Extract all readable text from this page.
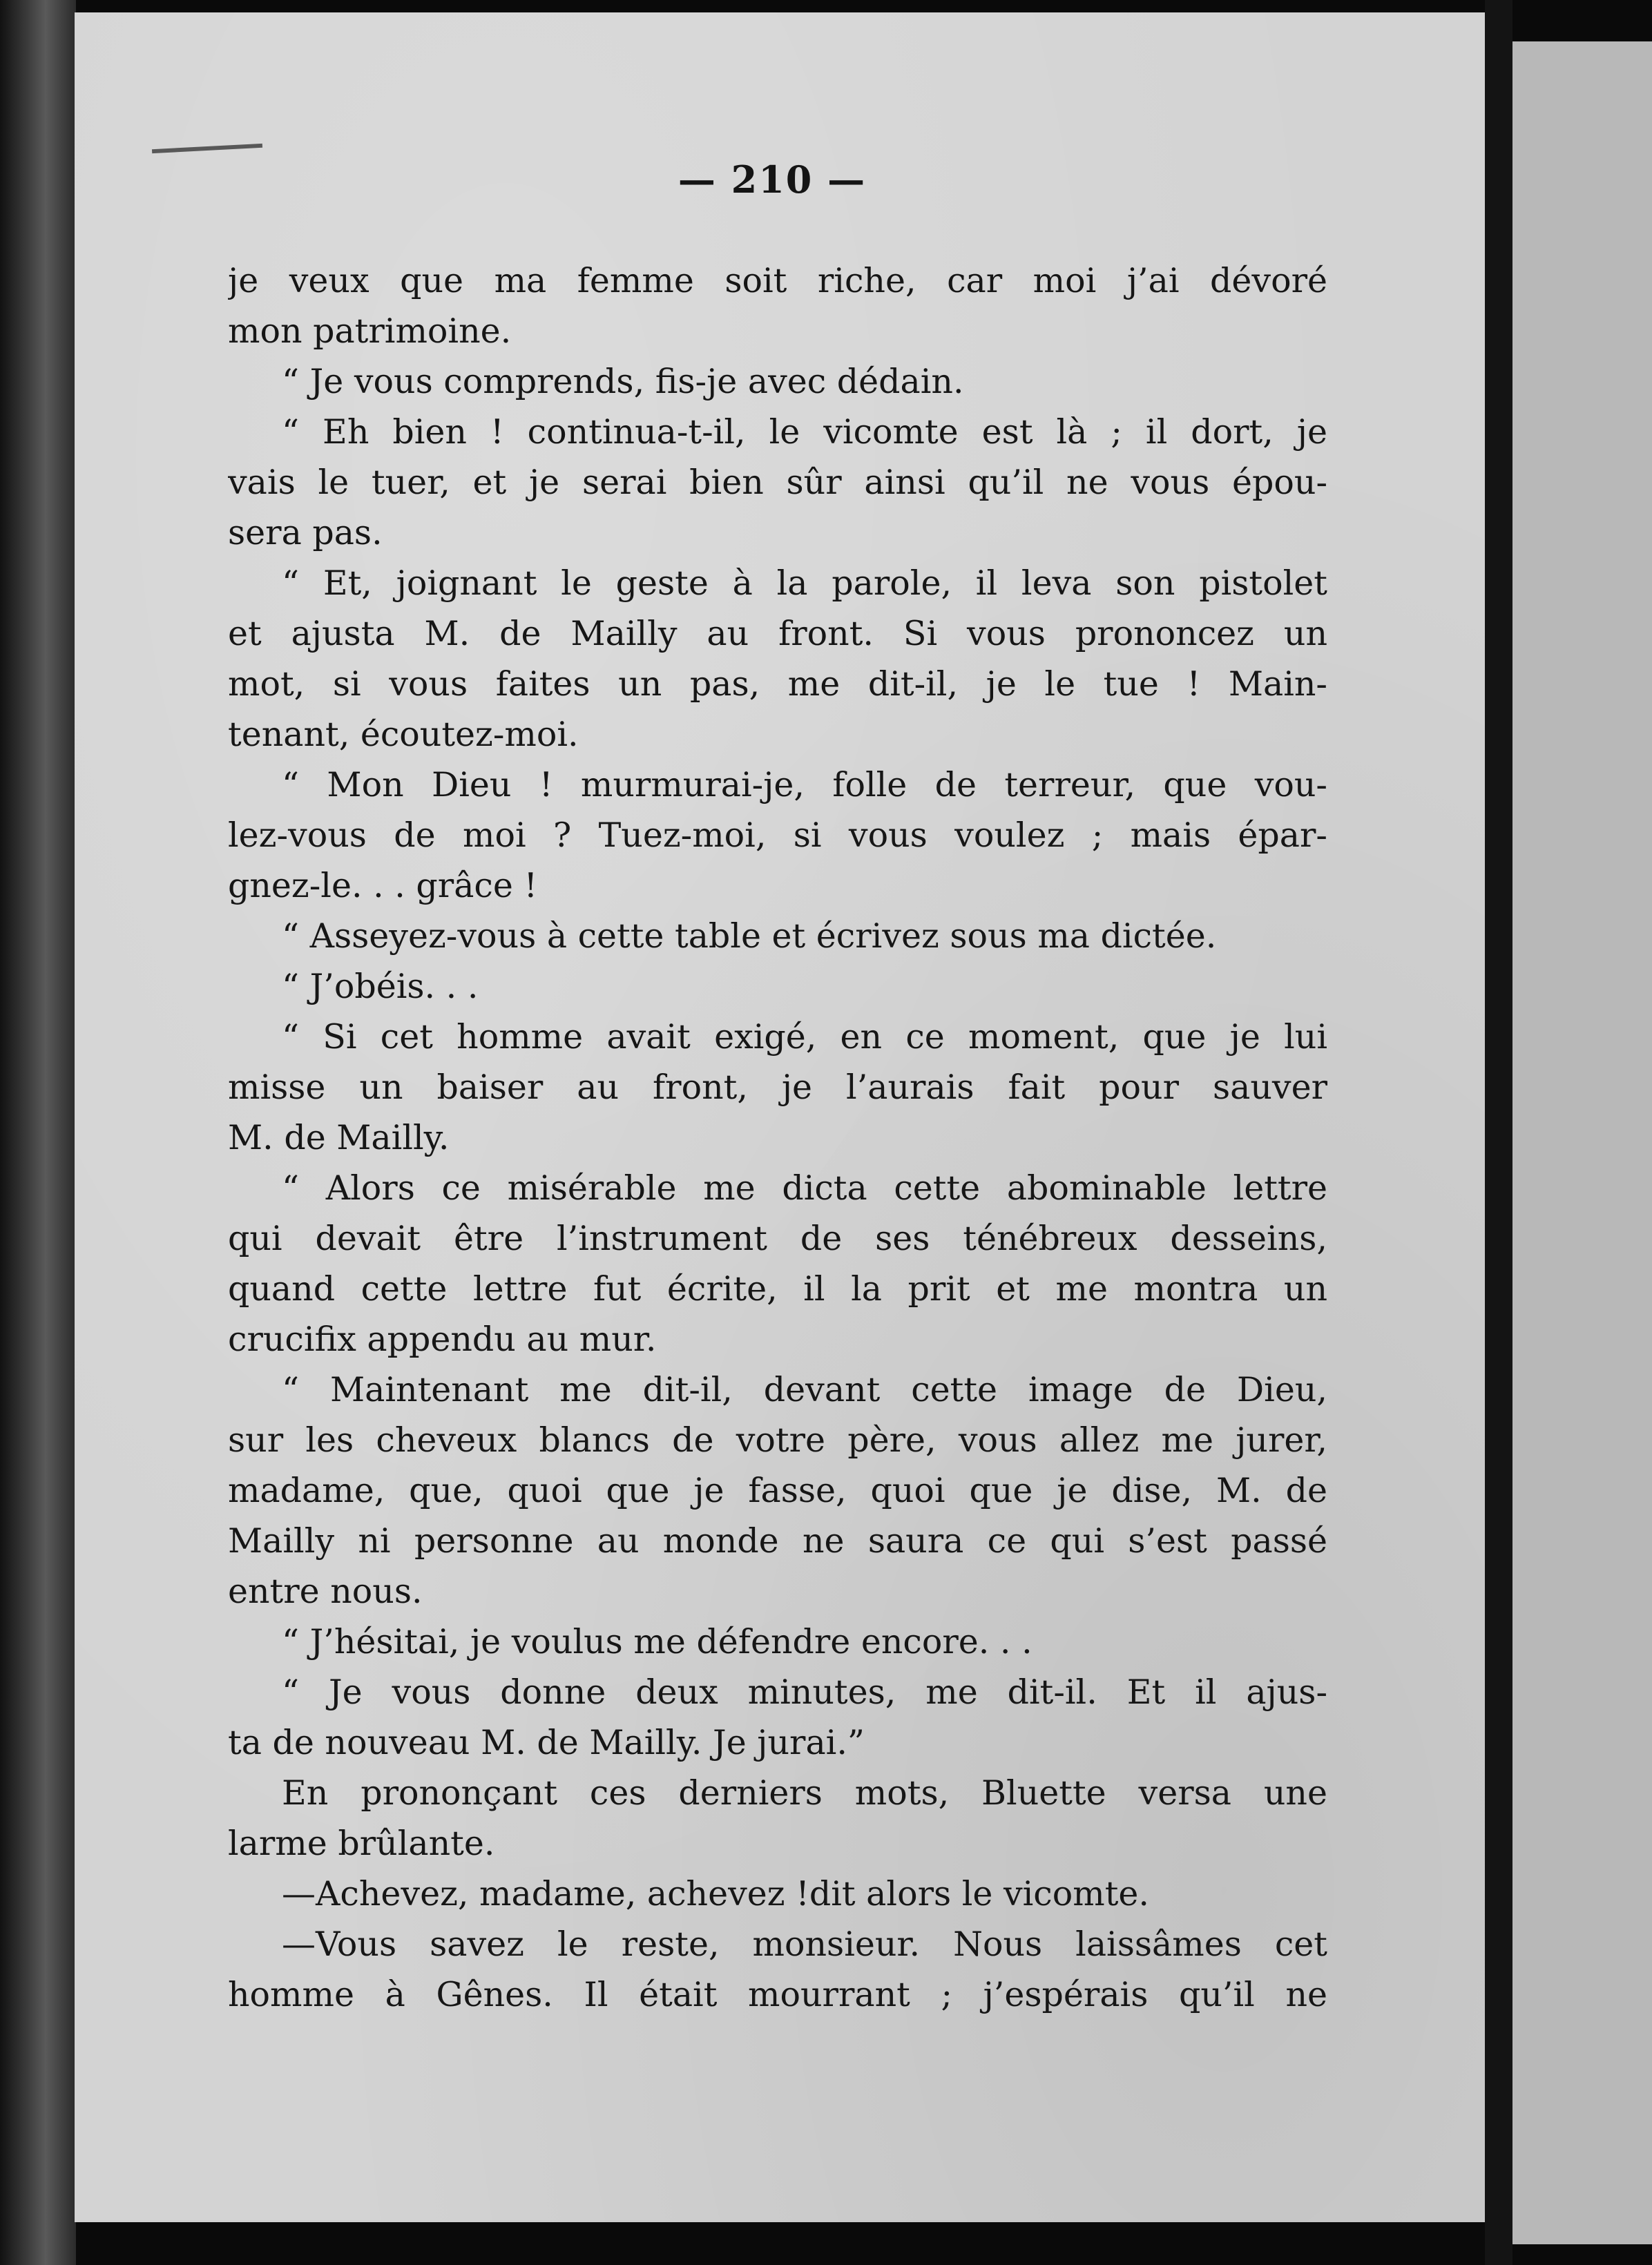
— 210 —
je veux que ma femme soit riche, car moi j’ai dévoré
mon patrimoine.
“ Je vous comprends, fis-je avec dédain.
“ Eh bien ! continua-t-il, le vicomte est là ; il dort, je
vais le tuer, et je serai bien sûr ainsi qu’il ne vous épou-
sera pas.
“ Et, joignant le geste à la parole, il leva son pistolet
et ajusta M. de Mailly au front. Si vous prononcez un
mot, si vous faites un pas, me dit-il, je le tue ! Main-
tenant, écoutez-moi.
“ Mon Dieu ! murmurai-je, folle de terreur, que vou-
lez-vous de moi ? Tuez-moi, si vous voulez ; mais épar-
gnez-le. . . grâce !
“ Asseyez-vous à cette table et écrivez sous ma dictée.
“ J’obéis. . .
“ Si cet homme avait exigé, en ce moment, que je lui
misse un baiser au front, je l’aurais fait pour sauver
M. de Mailly.
“ Alors ce misérable me dicta cette abominable lettre
qui devait être l’instrument de ses ténébreux desseins,
quand cette lettre fut écrite, il la prit et me montra un
crucifix appendu au mur.
“ Maintenant me dit-il, devant cette image de Dieu,
sur les cheveux blancs de votre père, vous allez me jurer,
madame, que, quoi que je fasse, quoi que je dise, M. de
Mailly ni personne au monde ne saura ce qui s’est passé
entre nous.
“ J’hésitai, je voulus me défendre encore. . .
“ Je vous donne deux minutes, me dit-il. Et il ajus-
ta de nouveau M. de Mailly. Je jurai.”
En prononçant ces derniers mots, Bluette versa une
larme brûlante.
—Achevez, madame, achevez !dit alors le vicomte.
—Vous savez le reste, monsieur. Nous laissâmes cet
homme à Gênes. Il était mourrant ; j’espérais qu’il ne
